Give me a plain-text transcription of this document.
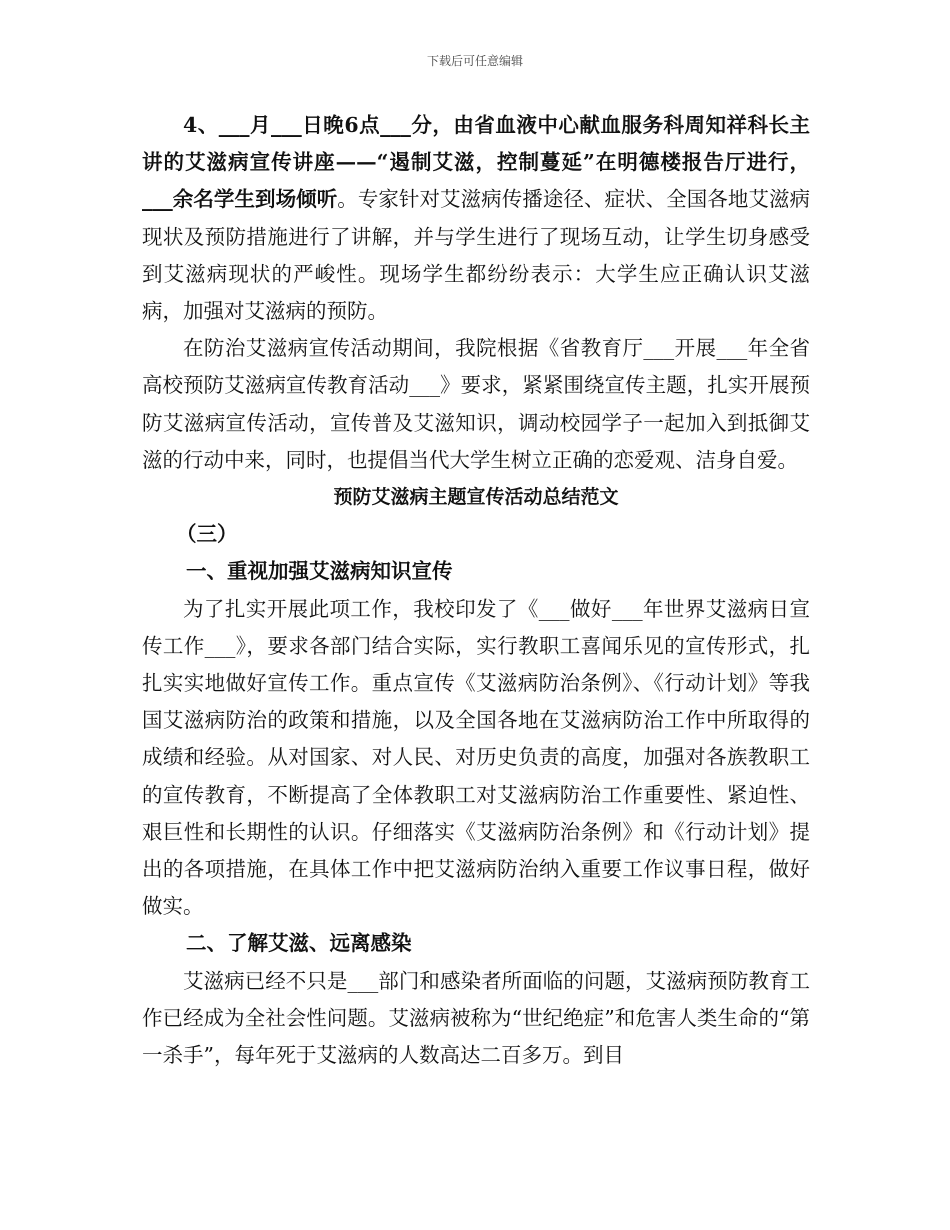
下载后可任意编辑

4、___月___日晚6点___分，由省血液中心献血服务科周知祥科长主讲的艾滋病宣传讲座——“遏制艾滋，控制蔓延”在明德楼报告厅进行，___余名学生到场倾听。专家针对艾滋病传播途径、症状、全国各地艾滋病现状及预防措施进行了讲解，并与学生进行了现场互动，让学生切身感受到艾滋病现状的严峻性。现场学生都纷纷表示：大学生应正确认识艾滋病，加强对艾滋病的预防。

在防治艾滋病宣传活动期间，我院根据《省教育厅___开展___年全省高校预防艾滋病宣传教育活动___》要求，紧紧围绕宣传主题，扎实开展预防艾滋病宣传活动，宣传普及艾滋知识，调动校园学子一起加入到抵御艾滋的行动中来，同时，也提倡当代大学生树立正确的恋爱观、洁身自爱。

预防艾滋病主题宣传活动总结范文

（三）

一、重视加强艾滋病知识宣传

为了扎实开展此项工作，我校印发了《___做好___年世界艾滋病日宣传工作___》，要求各部门结合实际，实行教职工喜闻乐见的宣传形式，扎扎实实地做好宣传工作。重点宣传《艾滋病防治条例》、《行动计划》等我国艾滋病防治的政策和措施，以及全国各地在艾滋病防治工作中所取得的成绩和经验。从对国家、对人民、对历史负责的高度，加强对各族教职工的宣传教育，不断提高了全体教职工对艾滋病防治工作重要性、紧迫性、艰巨性和长期性的认识。仔细落实《艾滋病防治条例》和《行动计划》提出的各项措施，在具体工作中把艾滋病防治纳入重要工作议事日程，做好做实。

二、了解艾滋、远离感染

艾滋病已经不只是___部门和感染者所面临的问题，艾滋病预防教育工作已经成为全社会性问题。艾滋病被称为“世纪绝症”和危害人类生命的“第一杀手”，每年死于艾滋病的人数高达二百多万。到目
